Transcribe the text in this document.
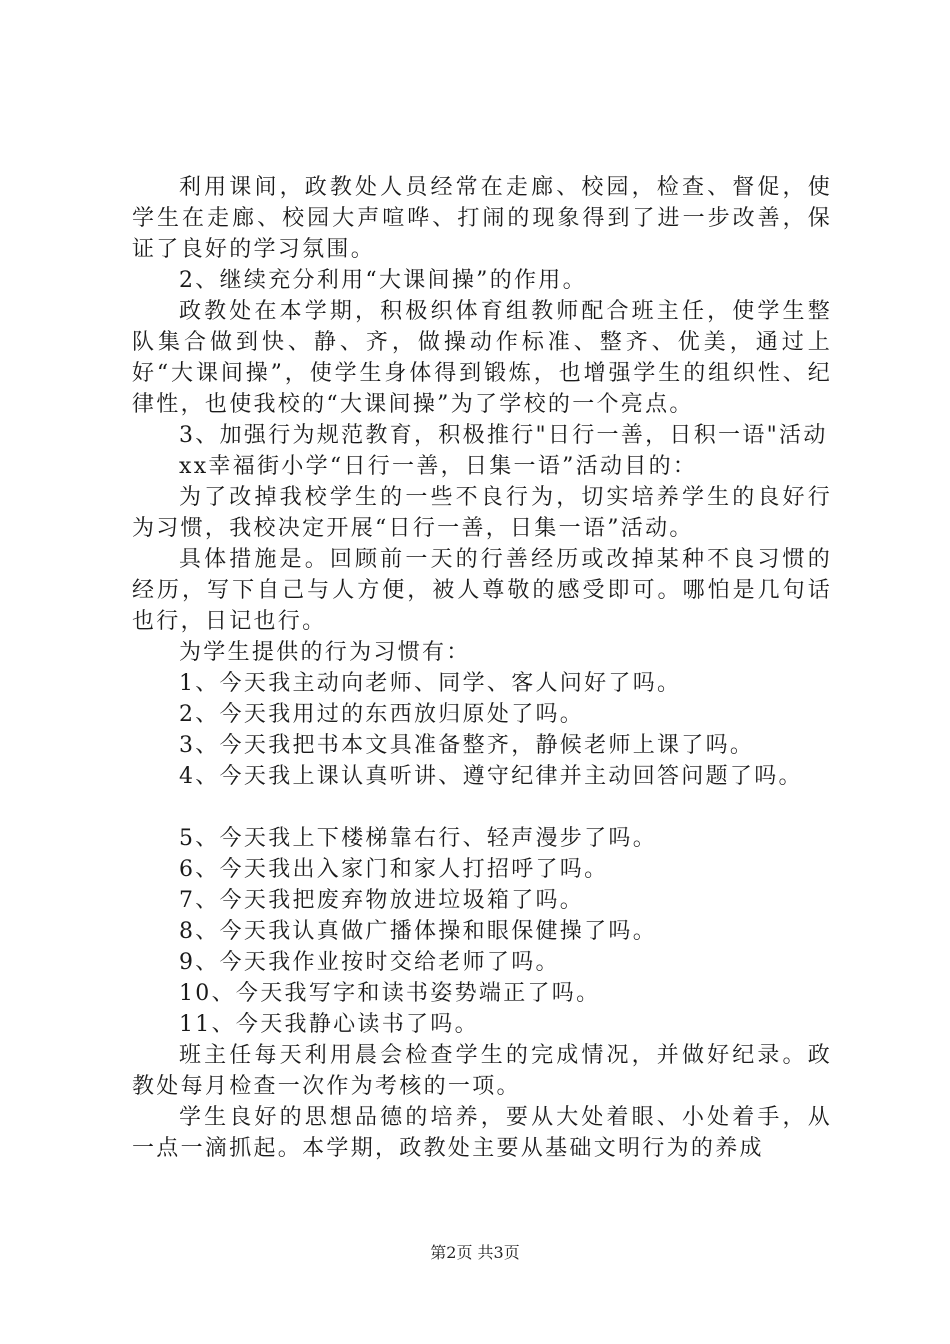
利用课间，政教处人员经常在走廊、校园，检查、督促，使学生在走廊、校园大声喧哗、打闹的现象得到了进一步改善，保证了良好的学习氛围。

2、继续充分利用“大课间操”的作用。

政教处在本学期，积极织体育组教师配合班主任，使学生整队集合做到快、静、齐，做操动作标准、整齐、优美，通过上好“大课间操”，使学生身体得到锻炼，也增强学生的组织性、纪律性，也使我校的“大课间操”为了学校的一个亮点。

3、加强行为规范教育，积极推行"日行一善，日积一语"活动

xx幸福街小学“日行一善，日集一语”活动目的：

为了改掉我校学生的一些不良行为，切实培养学生的良好行为习惯，我校决定开展“日行一善，日集一语”活动。

具体措施是。回顾前一天的行善经历或改掉某种不良习惯的经历，写下自己与人方便，被人尊敬的感受即可。哪怕是几句话也行，日记也行。

为学生提供的行为习惯有：

1、今天我主动向老师、同学、客人问好了吗。

2、今天我用过的东西放归原处了吗。

3、今天我把书本文具准备整齐，静候老师上课了吗。

4、今天我上课认真听讲、遵守纪律并主动回答问题了吗。

5、今天我上下楼梯靠右行、轻声漫步了吗。

6、今天我出入家门和家人打招呼了吗。

7、今天我把废弃物放进垃圾箱了吗。

8、今天我认真做广播体操和眼保健操了吗。

9、今天我作业按时交给老师了吗。

10、今天我写字和读书姿势端正了吗。

11、今天我静心读书了吗。

班主任每天利用晨会检查学生的完成情况，并做好纪录。政教处每月检查一次作为考核的一项。

学生良好的思想品德的培养，要从大处着眼、小处着手，从一点一滴抓起。本学期，政教处主要从基础文明行为的养成

第2页 共3页
